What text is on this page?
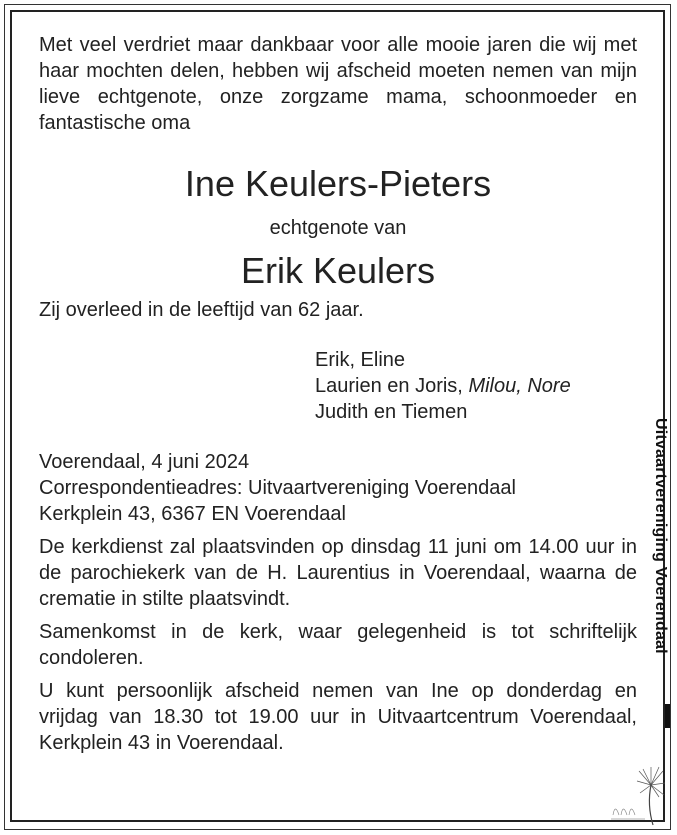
Met veel verdriet maar dankbaar voor alle mooie jaren die wij met haar mochten delen, hebben wij afscheid moeten nemen van mijn lieve echtgenote, onze zorgzame mama, schoonmoeder en fantastische oma

Ine Keulers-Pieters

echtgenote van

Erik Keulers

Zij overleed in de leeftijd van 62 jaar.

Erik, Eline

Laurien en Joris, Milou, Nore

Judith en Tiemen

Voerendaal, 4 juni 2024

Correspondentieadres: Uitvaartvereniging Voerendaal

Kerkplein 43, 6367 EN Voerendaal

De kerkdienst zal plaatsvinden op dinsdag 11 juni om 14.00 uur in de parochiekerk van de H. Laurentius in Voerendaal, waarna de crematie in stilte plaatsvindt.

Samenkomst in de kerk, waar gelegenheid is tot schriftelijk condoleren.

U kunt persoonlijk afscheid nemen van Ine op donderdag en vrijdag van 18.30 tot 19.00 uur in Uitvaartcentrum Voerendaal, Kerkplein 43 in Voerendaal.

Uitvaartvereniging Voerendaal
